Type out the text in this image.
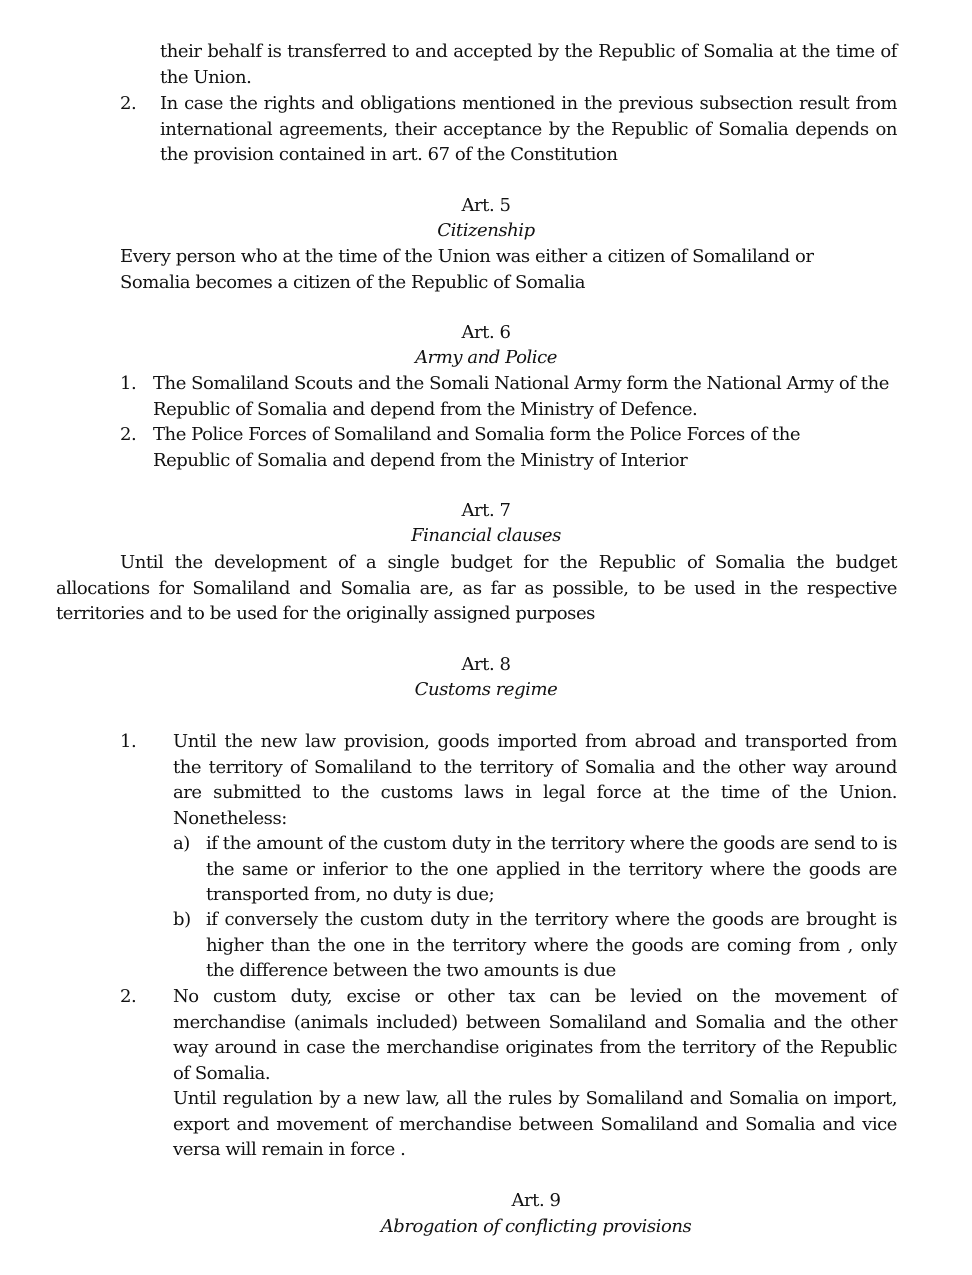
their behalf is transferred to and accepted by the Republic of Somalia at the time of the Union.
2. In case the rights and obligations mentioned in the previous subsection result from international agreements, their acceptance by the Republic of Somalia depends on the provision contained in art. 67 of the Constitution
Art. 5
Citizenship
Every person who at the time of the Union was either a citizen of Somaliland or Somalia becomes a citizen of the Republic of Somalia
Art. 6
Army and Police
1. The Somaliland Scouts and the Somali National Army form the National Army of the Republic of Somalia and depend from the Ministry of Defence.
2. The Police Forces of Somaliland and Somalia form the Police Forces of the Republic of Somalia and depend from the Ministry of Interior
Art. 7
Financial clauses
Until the development of a single budget for the Republic of Somalia the budget allocations for Somaliland and Somalia are, as far as possible, to be used in the respective territories and to be used for the originally assigned purposes
Art. 8
Customs regime
1. Until the new law provision, goods imported from abroad and transported from the territory of Somaliland to the territory of Somalia and the other way around are submitted to the customs laws in legal force at the time of the Union. Nonetheless:
a) if the amount of the custom duty in the territory where the goods are send to is the same or inferior to the one applied in the territory where the goods are transported from, no duty is due;
b) if conversely the custom duty in the territory where the goods are brought is higher than the one in the territory where the goods are coming from , only the difference between the two amounts is due
2. No custom duty, excise or other tax can be levied on the movement of merchandise (animals included) between Somaliland and Somalia and the other way around in case the merchandise originates from the territory of the Republic of Somalia.
Until regulation by a new law, all the rules by Somaliland and Somalia on import, export and movement of merchandise between Somaliland and Somalia and vice versa will remain in force .
Art. 9
Abrogation of conflicting provisions
